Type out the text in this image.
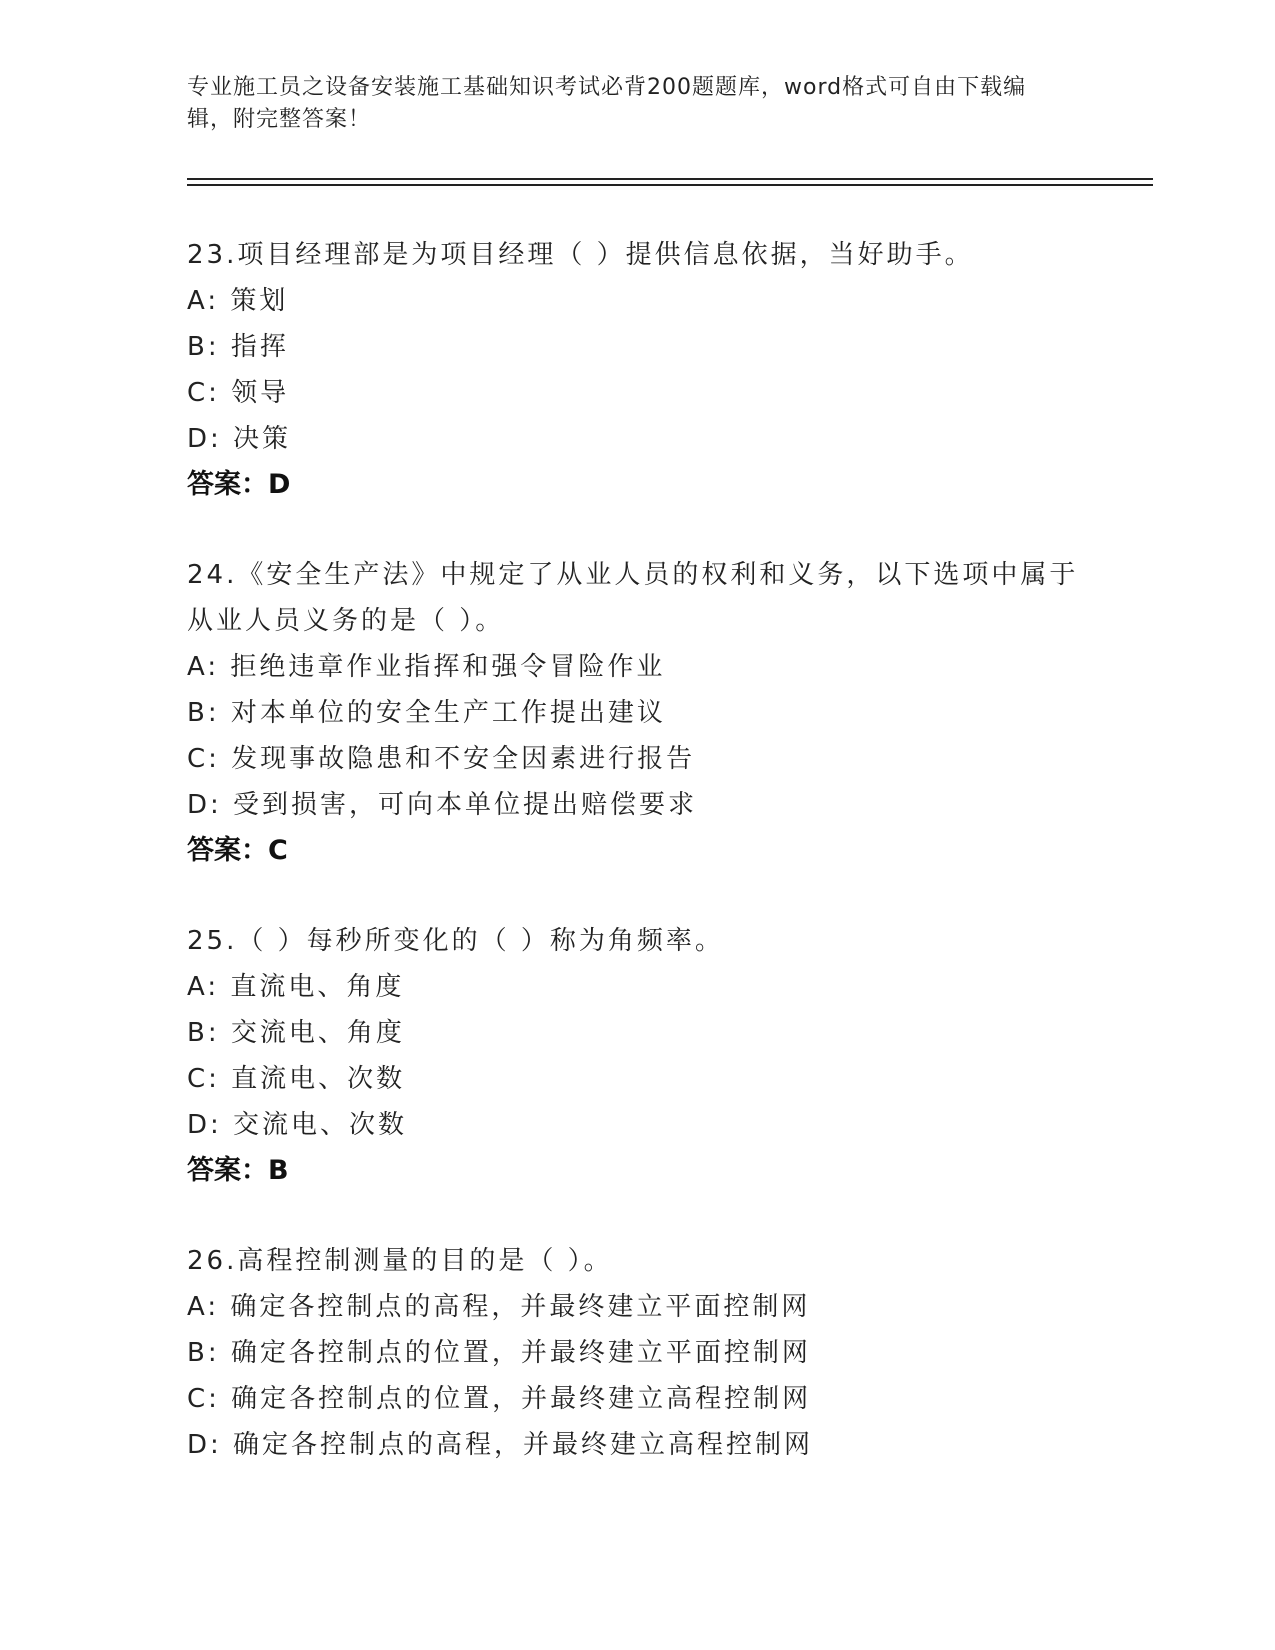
专业施工员之设备安装施工基础知识考试必背200题题库，word格式可自由下载编辑，附完整答案！

23.项目经理部是为项目经理（ ）提供信息依据，当好助手。

A: 策划

B: 指挥

C: 领导

D: 决策

答案：D

24.《安全生产法》中规定了从业人员的权利和义务，以下选项中属于从业人员义务的是（ ）。

A: 拒绝违章作业指挥和强令冒险作业

B: 对本单位的安全生产工作提出建议

C: 发现事故隐患和不安全因素进行报告

D: 受到损害，可向本单位提出赔偿要求

答案：C

25.（ ）每秒所变化的（ ）称为角频率。

A: 直流电、角度

B: 交流电、角度

C: 直流电、次数

D: 交流电、次数

答案：B

26.高程控制测量的目的是（ ）。

A: 确定各控制点的高程，并最终建立平面控制网

B: 确定各控制点的位置，并最终建立平面控制网

C: 确定各控制点的位置，并最终建立高程控制网

D: 确定各控制点的高程，并最终建立高程控制网
